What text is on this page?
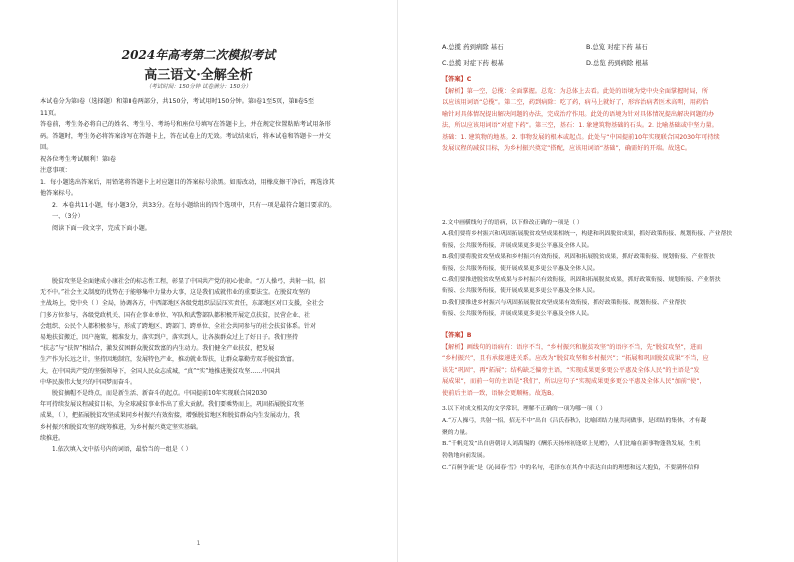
2024年高考第二次模拟考试
高三语文·全解全析
（考试时间：150分钟 试卷满分：150分）
本试卷分为第Ⅰ卷（选择题）和第Ⅱ卷两部分，共150分，考试用时150分钟。第Ⅰ卷1至5页，第Ⅱ卷5至
11页。
答卷前，考生务必将自己的姓名、考生号、考场号和座位号填写在答题卡上，并在规定位置粘贴考试用条形
码。答题时，考生务必将答案涂写在答题卡上，答在试卷上的无效。考试结束后，将本试卷和答题卡一并交
回。
祝各位考生考试顺利！第Ⅰ卷
注意事项：
1．每小题选出答案后，用铅笔将答题卡上对应题目的答案标号涂黑。如需改动，用橡皮擦干净后，再选涂其
他答案标号。
2．本卷共11小题，每小题3分，共33分。在每小题给出的四个选项中，只有一项是最符合题目要求的。
一、（3分）
阅读下面一段文字，完成下面小题。
脱贫攻坚是全面建成小康社会的标志性工程，彰显了中国共产党的初心使命。“万人操弓，共射一招，招
无不中。”社会主义制度的优势在于能够集中力量办大事，这是我们成就伟业的重要法宝。在脱贫攻坚的
主战场上，党中央（ ）全局，协调各方，中西部地区各级党组织层层压实责任，东部地区对口支援，全社会
门多方位参与，各级党政机关、国有企事业单位、军队和武警部队都积极开展定点扶贫，民营企业、社
会组织、公民个人都积极参与，形成了跨地区、跨部门、跨单位、全社会共同参与的社会扶贫体系。针对
易地扶贫搬迁，因户施策，精准发力，落实到户，落实到人，让各族群众过上了好日子。我们坚持
“扶志”与“扶智”相结合，激发贫困群众脱贫致富的内生动力。我们健全产业扶贫，把发展
生产作为长远之计，坚持因地制宜，发展特色产业，推动就业帮扶，让群众靠勤劳双手脱贫致富。
大，在中国共产党的坚强领导下，全国人民众志成城，“真”“实”地推进脱贫攻坚……中国共
中华民族伟大复兴的中国梦而奋斗。
脱贫摘帽不是终点，而是新生活、新奋斗的起点。中国提前10年实现联合国2030
年可持续发展议程减贫目标，为全球减贫事业作出了重大贡献。我们要乘势而上，巩固拓展脱贫攻坚
成果，（ ），把拓展脱贫攻坚成果同乡村振兴有效衔接，增强脱贫地区和脱贫群众内生发展动力，我
乡村振兴和脱贫攻坚的统筹推进，为乡村振兴奠定坚实基础。
续推进。
1.依次填入文中括号内的词语，最恰当的一组是（ ）
1
A.总揽 药到病除 基石	B.总览 对症下药 基石
C.总揽 对症下药 根基	D.总览 药到病除 根基
【答案】C
【解析】第一空，总揽：全面掌握。总览：为总体上去看。此处的语境为党中央全面掌握时局，所
以应该用词语“总揽”。第二空，药到病除：吃了药，病马上就好了，形容治病者医术高明，用药恰
喻针对具体情况提出解决问题的办法，完成治疗作用。此处的语境为针对具体情况提出解决问题的办
法，所以应该用词语“对症下药”。第三空，基石：1. 象建筑物基础的石头。2. 比喻基础或中坚力量。
基础：1. 建筑物的地基。2. 事物发展的根本或起点。此处与“中国提前10年实现联合国2030年可持续
发展议程的减贫目标，为乡村振兴奠定”搭配，应该用词语“基础”，确需好的开端。故选C。
2.文中画横线句子的语病，以下修改正确的一项是（ ）
A.我们要将乡村振兴和巩固拓展脱贫攻坚成果相统一，构建和巩固脱贫成果，抓好政策衔接、规划衔接、产业帮扶
衔接，公共服务衔接，并展成果更多更公平惠及全体人民。
B.我们要将脱贫攻坚成果和乡村振兴有效衔接，巩固和拓展脱贫成果，抓好政策衔接、规划衔接、产业帮扶
衔接，公共服务衔接，使开展成果更多更公平惠及全体人民。
C.我们要推进脱贫攻坚成果与乡村振兴有效衔接，巩固和拓展脱贫成果，抓好政策衔接、规划衔接、产业帮扶
衔接、公共服务衔接，使开展成果更多更公平惠及全体人民。
D.我们要推进乡村振兴与巩固拓展脱贫攻坚成果有效衔接，抓好政策衔接、规划衔接、产业帮扶
衔接、公共服务衔接，并展成果更多更公平惠及全体人民。
【答案】B
【解析】画线句的语病有：语序不当，“乡村振兴和脱贫攻坚”的语序不当，先“脱贫攻坚”，进而
“乡村振兴”，且有承接递进关系。应改为“脱贫攻坚和乡村振兴”；“拓展和巩固脱贫成果”不当，应
该先“巩固”，再“拓展”；结构缺乏偏旁主语，“实现成果更多更公平惠及全体人民”的主语是“发
展成果”，而前一句的主语是“我们”，所以应句子“实现成果更多更公平惠及全体人民”加前“使”，
使前后主语一致，语脉会更顺畅。故选B。
3.以下对成文相关的文学常识，理解不正确的一项为哪一项（ ）
A.“万人操弓，共射一招，招无不中”出自《吕氏春秋》，比喻团结力量共同做事，是团结的集体，才有凝
聚的力量。
B.“千帆竞发”出自唐朝诗人刘禹锡的《酬乐天扬州初逢席上见赠》，人们比喻在新事物蓬勃发展，生机
勃勃地向前发展。
C.“百舸争流”是《沁园春·雪》中的名句，毛泽东在其作中表达自由的理想和远大抱负，不要满怀信仰
